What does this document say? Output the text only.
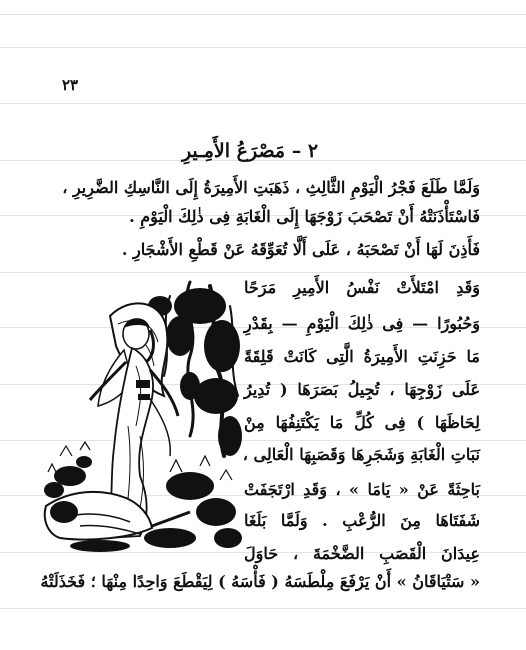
٢٣
٢ – مَصْرَعُ الأَمِـيرِ
وَلَمَّا طَلَعَ فَجْرُ الْيَوْمِ الثَّالِثِ ، ذَهَبَتِ الأَمِيرَةُ إِلَى النَّاسِكِ الضَّرِيرِ ،
فَاسْتَأْذَنَتْهُ أَنْ تَصْحَبَ زَوْجَهَا إِلَى الْغَابَةِ فِى ذٰلِكَ الْيَوْمِ .
فَأَذِنَ لَهَا أَنْ تَصْحَبَهُ ، عَلَى أَلَّا تُعَوِّقَهُ عَنْ قَطْعِ الأَشْجَارِ .
وَقَدِ امْتَلأَتْ نَفْسُ الأَمِيرِ مَرَحًا
وَحُبُورًا — فِى ذٰلِكَ الْيَوْمِ — بِقَدْرِ
مَا حَزِنَتِ الأَمِيرَةُ الَّتِى كَانَتْ قَلِقَةً
عَلَى زَوْجِهَا ، تُجِيلُ بَصَرَهَا ( تُدِيرُ
لِحَاظَهَا ) فِى كُلِّ مَا يَكْتَنِفُهَا مِنْ
نَبَاتِ الْغَابَةِ وَشَجَرِهَا وَقَصَبِهَا الْعَالِى ،
بَاحِثَةً عَنْ « يَامَا » ، وَقَدِ ارْتَجَفَتْ
شَفَتَاهَا مِنَ الرُّعْبِ . وَلَمَّا بَلَغَا
عِيدَانَ الْقَصَبِ الضَّخْمَةَ ، حَاوَلَ
« سَتْيَاقَانُ » أَنْ يَرْفَعَ مِلْطَسَهُ ( فَأْسَهُ ) لِيَقْطَعَ وَاحِدًا مِنْهَا ؛ فَخَذَلَتْهُ
